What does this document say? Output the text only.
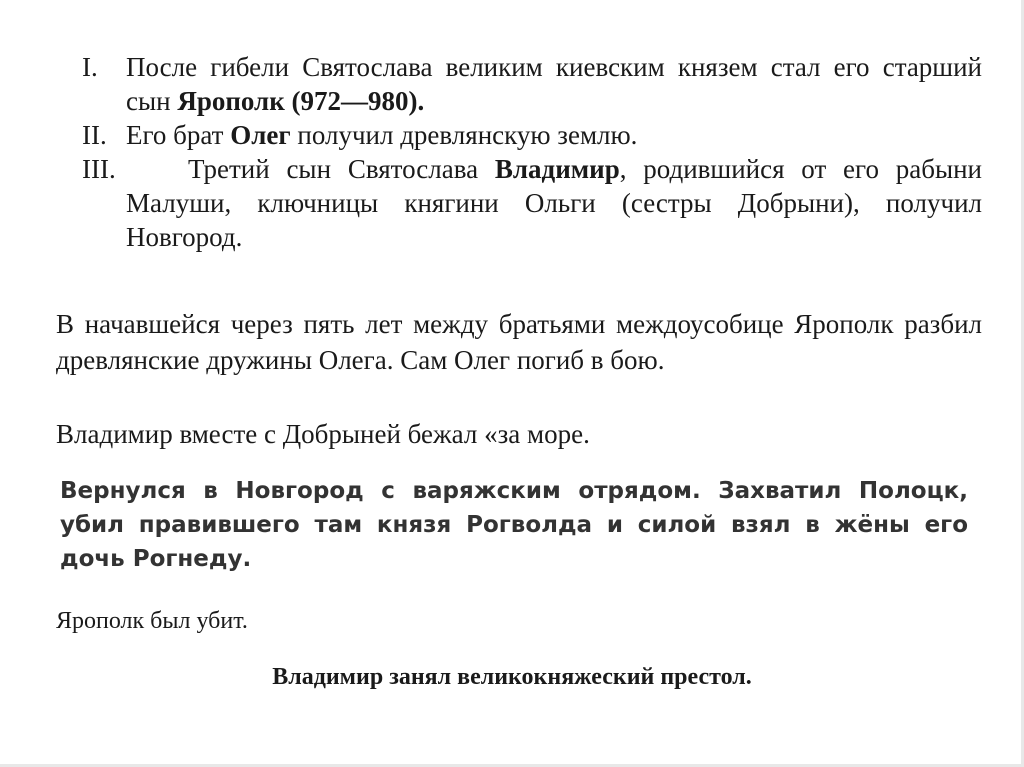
I. После гибели Святослава великим киевским князем стал его старший сын Ярополк (972—980).
II. Его брат Олег получил древлянскую землю.
III.	Третий сын Святослава Владимир, родившийся от его рабыни Малуши, ключницы княгини Ольги (сестры Добрыни), получил Новгород.

В начавшейся через пять лет между братьями междоусобице Ярополк разбил древлянские дружины Олега. Сам Олег погиб в бою.

Владимир вместе с Добрыней бежал «за море.

Вернулся в Новгород с варяжским отрядом. Захватил Полоцк, убил правившего там князя Рогволда и силой взял в жёны его дочь Рогнеду.

Ярополк был убит.

Владимир занял великокняжеский престол.
